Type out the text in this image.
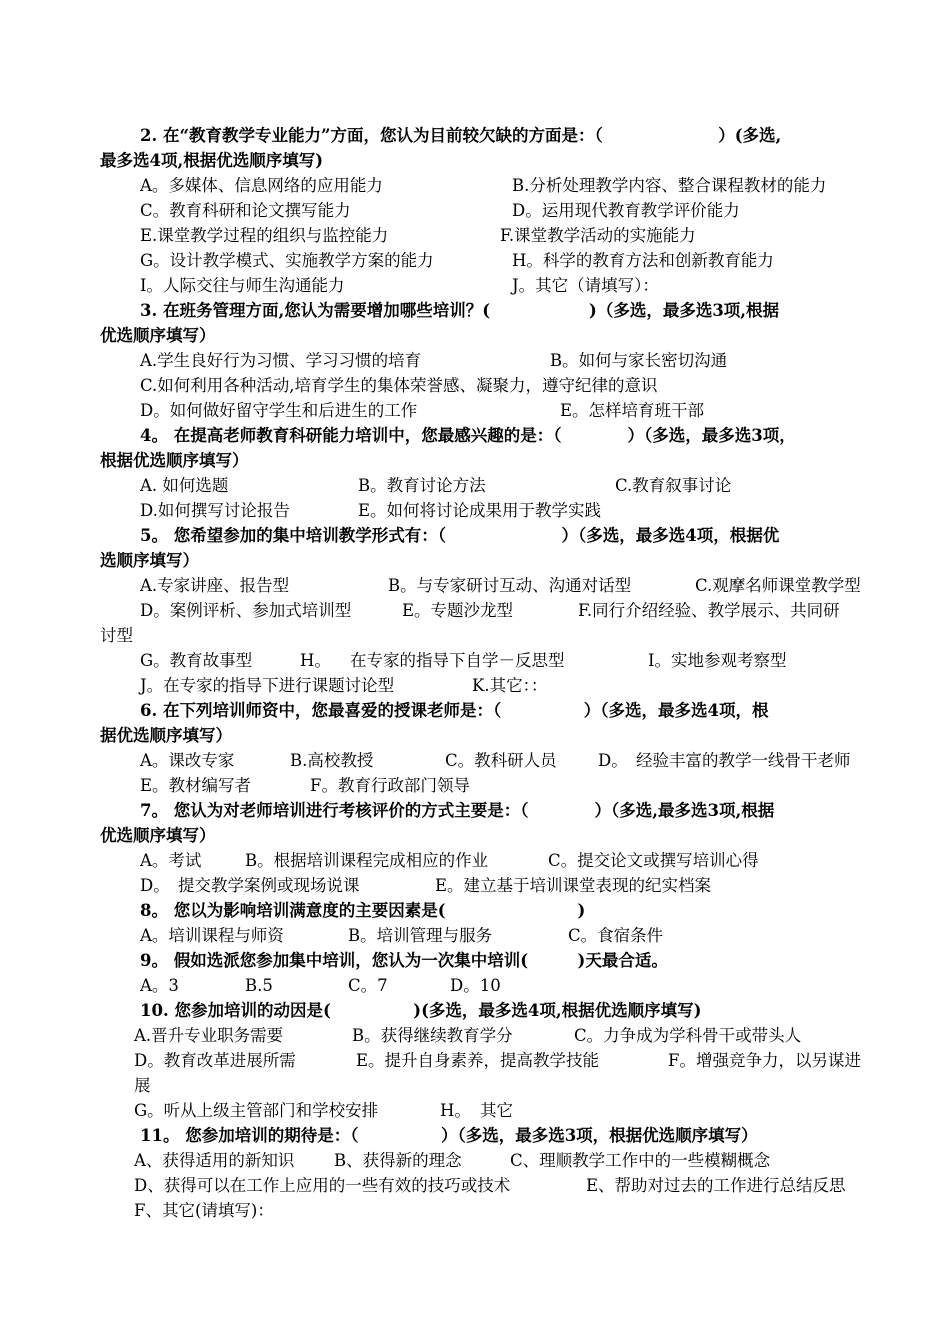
2. 在“教育教学专业能力”方面，您认为目前较欠缺的方面是：（　　　　　　　）(多选,
最多选4项,根据优选顺序填写)
A。多媒体、信息网络的应用能力	B.分析处理教学内容、整合课程教材的能力
C。教育科研和论文撰写能力	D。运用现代教育教学评价能力
E.课堂教学过程的组织与监控能力	F.课堂教学活动的实施能力
G。设计教学模式、实施教学方案的能力	H。科学的教育方法和创新教育能力
I。人际交往与师生沟通能力	J。其它（请填写）：
3. 在班务管理方面,您认为需要增加哪些培训？(　　　　　　)（多选，最多选3项,根据
优选顺序填写）
A.学生良好行为习惯、学习习惯的培育	B。如何与家长密切沟通
C.如何利用各种活动,培育学生的集体荣誉感、凝聚力，遵守纪律的意识
D。如何做好留守学生和后进生的工作	E。怎样培育班干部
4。 在提高老师教育科研能力培训中，您最感兴趣的是：（　　　　）（多选，最多选3项，
根据优选顺序填写）
A. 如何选题	B。教育讨论方法	C.教育叙事讨论
D.如何撰写讨论报告	E。如何将讨论成果用于教学实践
5。 您希望参加的集中培训教学形式有：（　　　　　　　）（多选，最多选4项，根据优
选顺序填写）
A.专家讲座、报告型	B。与专家研讨互动、沟通对话型	C.观摩名师课堂教学型
D。案例评析、参加式培训型	E。专题沙龙型	F.同行介绍经验、教学展示、共同研
讨型
G。教育故事型	H。 在专家的指导下自学－反思型	I。实地参观考察型
J。在专家的指导下进行课题讨论型	K.其它：：
6. 在下列培训师资中，您最喜爱的授课老师是：（　　　　　）（多选，最多选4项，根
据优选顺序填写）
A。课改专家	B.高校教授	C。教科研人员	D。 经验丰富的教学一线骨干老师
E。教材编写者	F。教育行政部门领导
7。 您认为对老师培训进行考核评价的方式主要是：（　　　　）（多选,最多选3项,根据
优选顺序填写）
A。考试	B。根据培训课程完成相应的作业	C。提交论文或撰写培训心得
D。 提交教学案例或现场说课	E。建立基于培训课堂表现的纪实档案
8。 您以为影响培训满意度的主要因素是(　　　　　　　　)
A。培训课程与师资	B。培训管理与服务	C。食宿条件
9。 假如选派您参加集中培训，您认为一次集中培训(　　　)天最合适。
A。3	B.5	C。7	D。10
10. 您参加培训的动因是(　　　　　)(多选，最多选4项,根据优选顺序填写)
A.晋升专业职务需要	B。获得继续教育学分	C。力争成为学科骨干或带头人
D。教育改革进展所需	E。提升自身素养，提高教学技能	F。增强竞争力，以另谋进
展
G。听从上级主管部门和学校安排	H。 其它
11。 您参加培训的期待是：（　　　　　）（多选，最多选3项，根据优选顺序填写）
A、获得适用的新知识 B、获得新的理念	C、理顺教学工作中的一些模糊概念
D、获得可以在工作上应用的一些有效的技巧或技术	E、帮助对过去的工作进行总结反思
F、其它(请填写)：
